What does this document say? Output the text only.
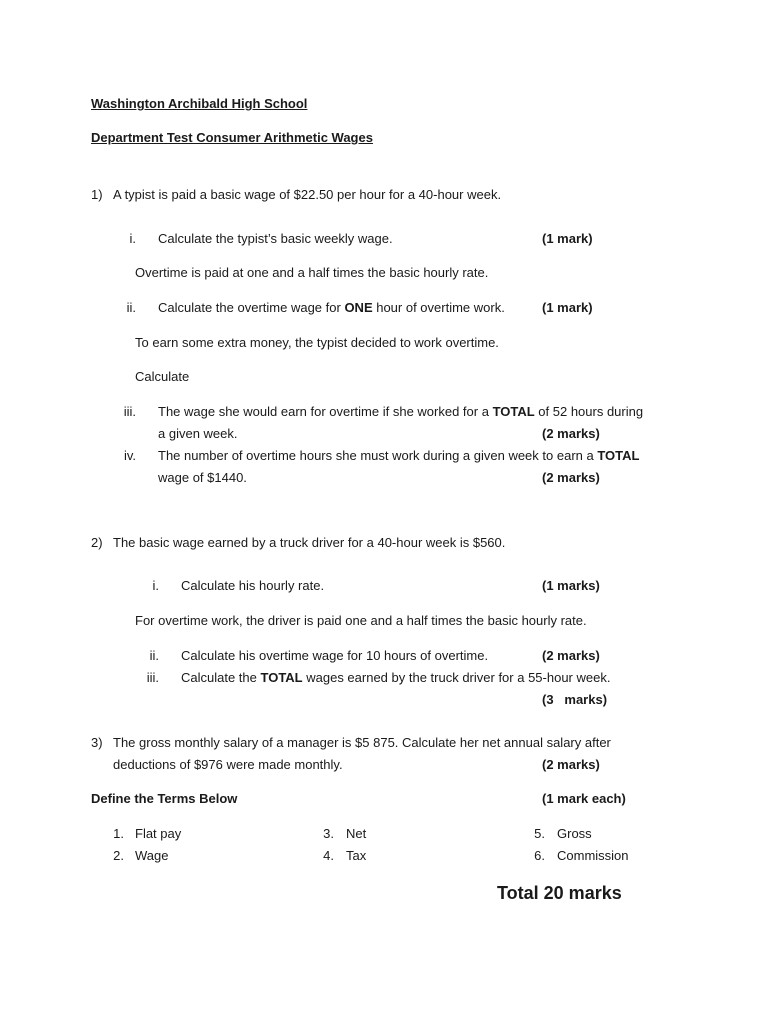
Washington Archibald High School
Department Test Consumer Arithmetic Wages
1) A typist is paid a basic wage of $22.50 per hour for a 40-hour week.
i. Calculate the typist’s basic weekly wage.	(1 mark)
Overtime is paid at one and a half times the basic hourly rate.
ii. Calculate the overtime wage for ONE hour of overtime work.	(1 mark)
To earn some extra money, the typist decided to work overtime.
Calculate
iii. The wage she would earn for overtime if she worked for a TOTAL of 52 hours during
a given week.	(2 marks)
iv. The number of overtime hours she must work during a given week to earn a TOTAL
wage of $1440.	(2 marks)
2) The basic wage earned by a truck driver for a 40-hour week is $560.
i. Calculate his hourly rate.	(1 marks)
For overtime work, the driver is paid one and a half times the basic hourly rate.
ii. Calculate his overtime wage for 10 hours of overtime.	(2 marks)
iii. Calculate the TOTAL wages earned by the truck driver for a 55-hour week.
(3   marks)
3) The gross monthly salary of a manager is $5 875. Calculate her net annual salary after
deductions of $976 were made monthly.	(2 marks)
Define the Terms Below	(1 mark each)
1. Flat pay
2. Wage
3. Net
4. Tax
5. Gross
6. Commission
Total 20 marks
